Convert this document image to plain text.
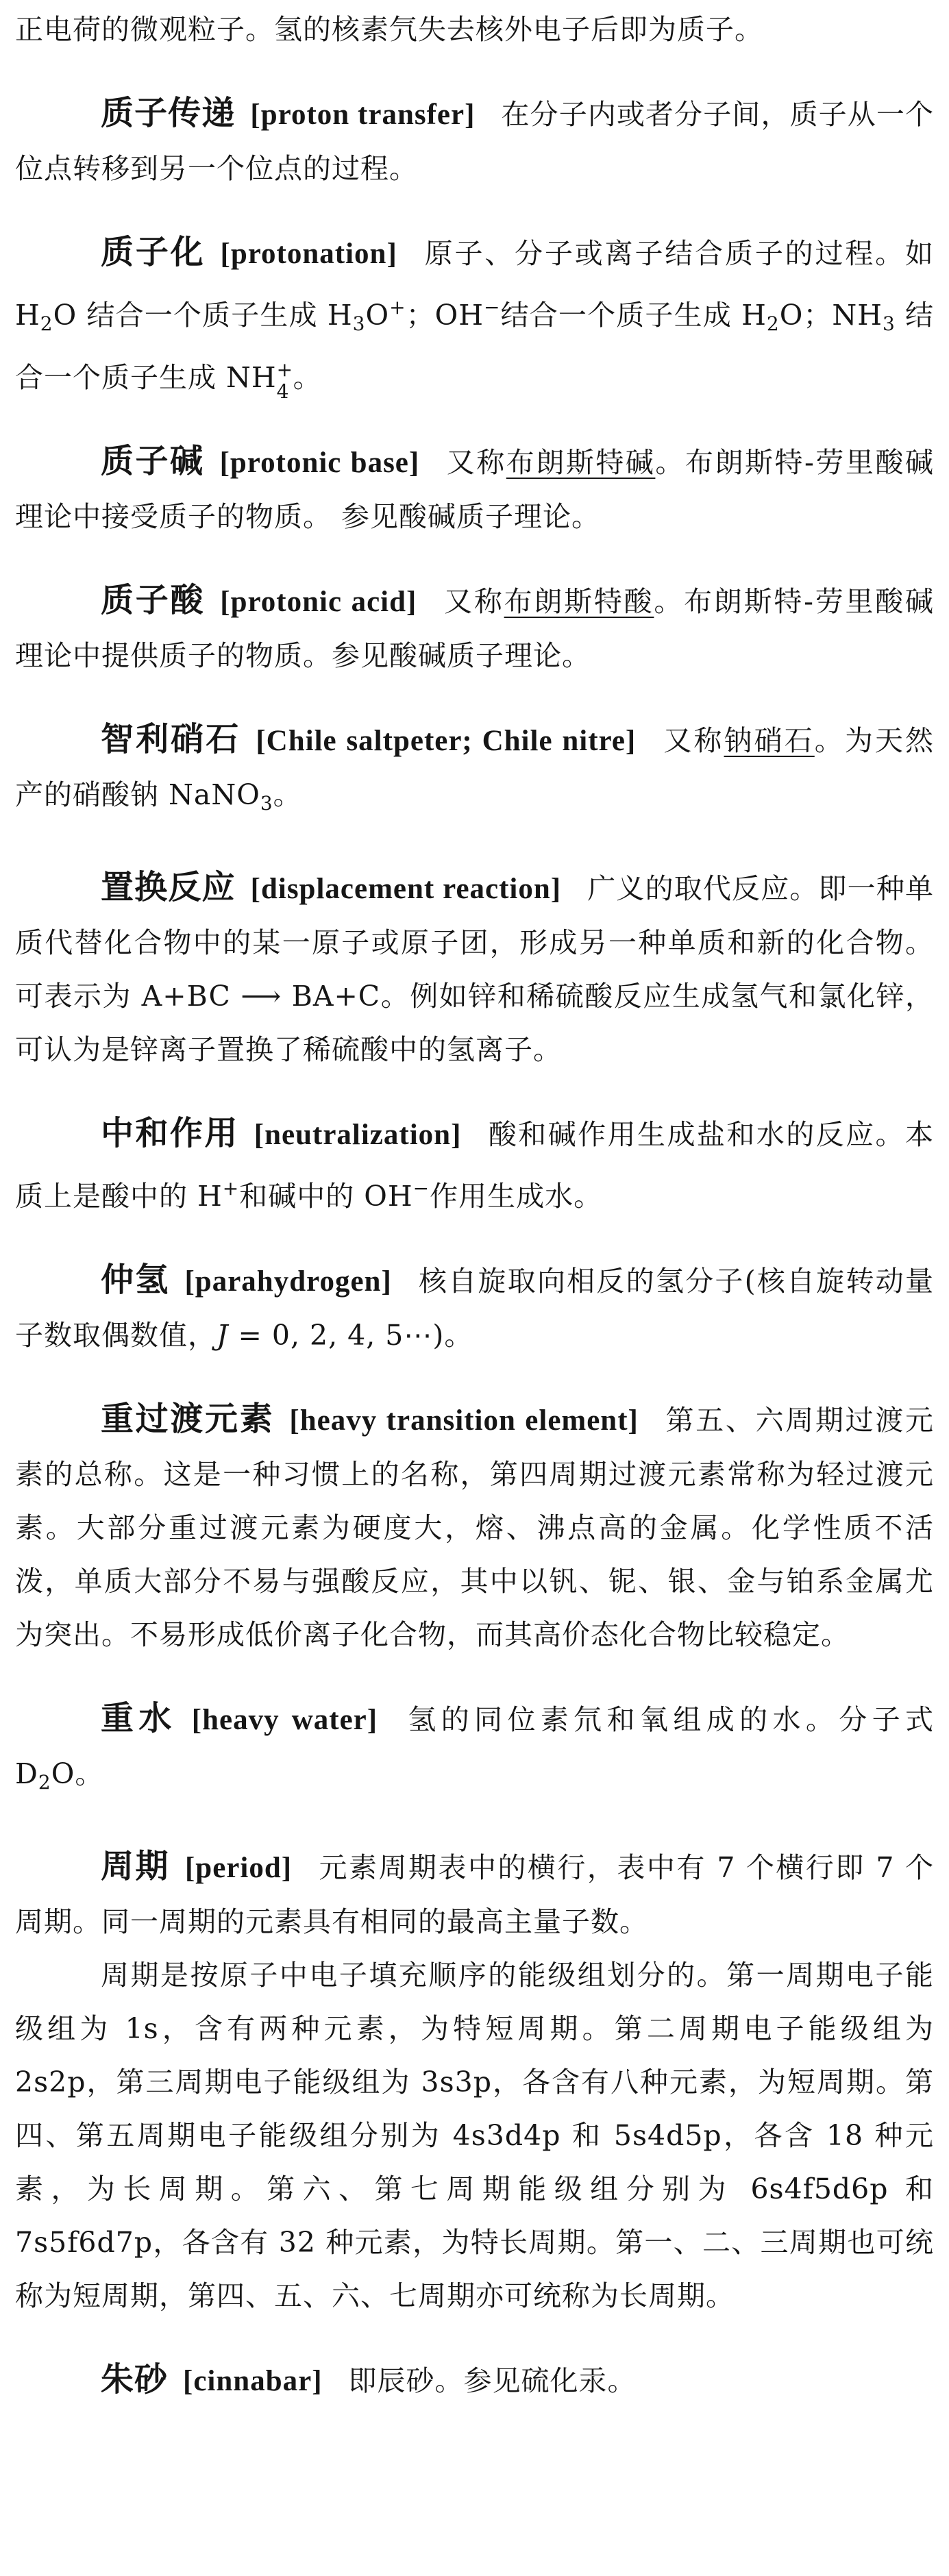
正电荷的微观粒子。氢的核素氕失去核外电子后即为质子。

质子传递 [proton transfer] 在分子内或者分子间，质子从一个位点转移到另一个位点的过程。

质子化 [protonation] 原子、分子或离子结合质子的过程。如 $H_2O$ 结合一个质子生成 $H_3O^+$；OH−结合一个质子生成 $H_2O$；$NH_3$ 结合一个质子生成 NH +
4 。

质子碱 [protonic base] 又称布朗斯特碱。布朗斯特-劳里酸碱理论中接受质子的物质。 参见酸碱质子理论。

质子酸 [protonic acid] 又称布朗斯特酸。布朗斯特-劳里酸碱理论中提供质子的物质。参见酸碱质子理论。

智利硝石 [Chile saltpeter; Chile nitre] 又称钠硝石。为天然产的硝酸钠 NaNO$_3$。

置换反应 [displacement reaction] 广义的取代反应。即一种单质代替化合物中的某一原子或原子团，形成另一种单质和新的化合物。可表示为 A+BC ⟶ BA+C。例如锌和稀硫酸反应生成氢气和氯化锌，可认为是锌离子置换了稀硫酸中的氢离子。

中和作用 [neutralization] 酸和碱作用生成盐和水的反应。本质上是酸中的 H+和碱中的 OH−作用生成水。

仲氢 [parahydrogen] 核自旋取向相反的氢分子(核自旋转动量子数取偶数值，J = 0, 2, 4, 5⋯)。

重过渡元素 [heavy transition element] 第五、六周期过渡元素的总称。这是一种习惯上的名称，第四周期过渡元素常称为轻过渡元素。大部分重过渡元素为硬度大，熔、沸点高的金属。化学性质不活泼，单质大部分不易与强酸反应，其中以钒、铌、银、金与铂系金属尤为突出。不易形成低价离子化合物，而其高价态化合物比较稳定。

重水 [heavy water] 氢的同位素氘和氧组成的水。分子式 $D_2O$。

周期 [period] 元素周期表中的横行，表中有 7 个横行即 7 个周期。同一周期的元素具有相同的最高主量子数。

周期是按原子中电子填充顺序的能级组划分的。第一周期电子能级组为 1s，含有两种元素，为特短周期。第二周期电子能级组为 2s2p，第三周期电子能级组为 3s3p，各含有八种元素，为短周期。第四、第五周期电子能级组分别为 4s3d4p 和 5s4d5p，各含 18 种元素，为长周期。第六、第七周期能级组分别为 6s4f5d6p 和 7s5f6d7p，各含有 32 种元素，为特长周期。第一、二、三周期也可统称为短周期，第四、五、六、七周期亦可统称为长周期。

朱砂 [cinnabar] 即辰砂。参见硫化汞。
